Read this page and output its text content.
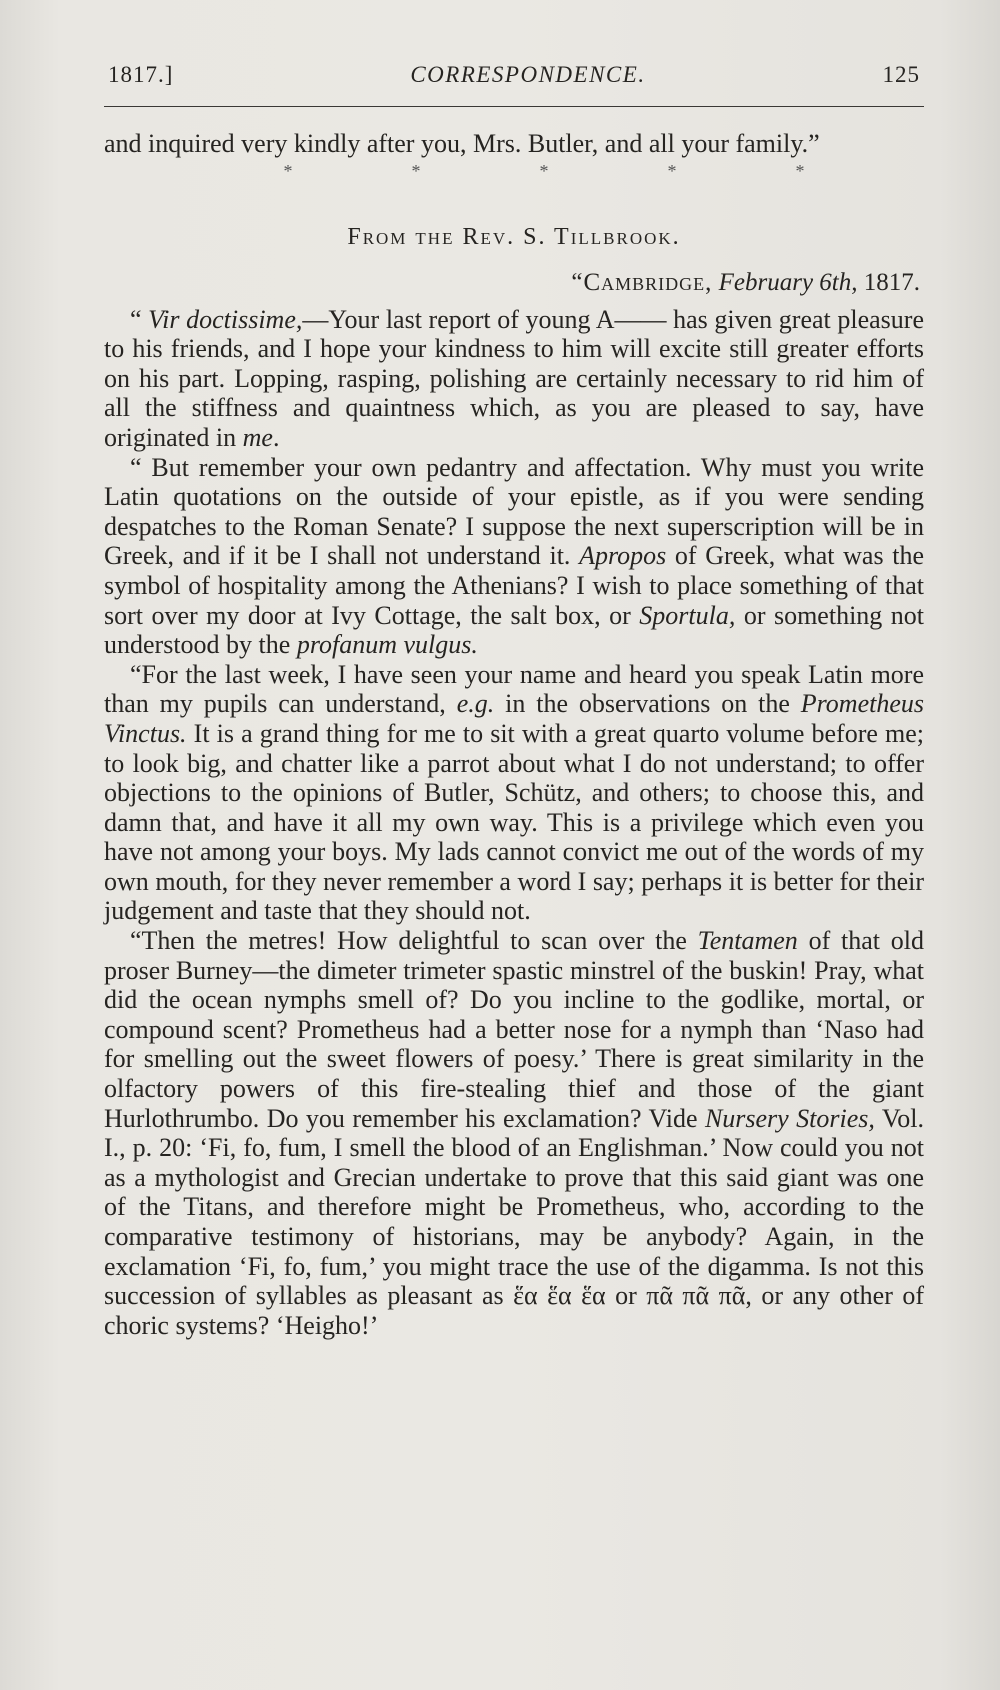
1817.]	CORRESPONDENCE.	125

and inquired very kindly after you, Mrs. Butler, and all your family.”

*	*	*	*	*
From the Rev. S. Tillbrook.
“Cambridge, February 6th, 1817.

“ Vir doctissime,—Your last report of young A—— has given great pleasure to his friends, and I hope your kindness to him will excite still greater efforts on his part. Lopping, rasping, polishing are certainly necessary to rid him of all the stiffness and quaintness which, as you are pleased to say, have originated in me.

“ But remember your own pedantry and affectation. Why must you write Latin quotations on the outside of your epistle, as if you were sending despatches to the Roman Senate? I suppose the next superscription will be in Greek, and if it be I shall not understand it. Apropos of Greek, what was the symbol of hospitality among the Athenians? I wish to place something of that sort over my door at Ivy Cottage, the salt box, or Sportula, or something not understood by the profanum vulgus.

“For the last week, I have seen your name and heard you speak Latin more than my pupils can understand, e.g. in the observations on the Prometheus Vinctus. It is a grand thing for me to sit with a great quarto volume before me; to look big, and chatter like a parrot about what I do not understand; to offer objections to the opinions of Butler, Schütz, and others; to choose this, and damn that, and have it all my own way. This is a privilege which even you have not among your boys. My lads cannot convict me out of the words of my own mouth, for they never remember a word I say; perhaps it is better for their judgement and taste that they should not.

“Then the metres! How delightful to scan over the Tentamen of that old proser Burney—the dimeter trimeter spastic minstrel of the buskin! Pray, what did the ocean nymphs smell of? Do you incline to the godlike, mortal, or compound scent? Prometheus had a better nose for a nymph than ‘Naso had for smelling out the sweet flowers of poesy.’ There is great similarity in the olfactory powers of this fire-stealing thief and those of the giant Hurlothrumbo. Do you remember his exclamation? Vide Nursery Stories, Vol. I., p. 20: ‘Fi, fo, fum, I smell the blood of an Englishman.’ Now could you not as a mythologist and Grecian undertake to prove that this said giant was one of the Titans, and therefore might be Prometheus, who, according to the comparative testimony of historians, may be anybody? Again, in the exclamation ‘Fi, fo, fum,’ you might trace the use of the digamma. Is not this succession of syllables as pleasant as ἕα ἕα ἕα or πᾶ πᾶ πᾶ, or any other of choric systems? ‘Heigho!’
